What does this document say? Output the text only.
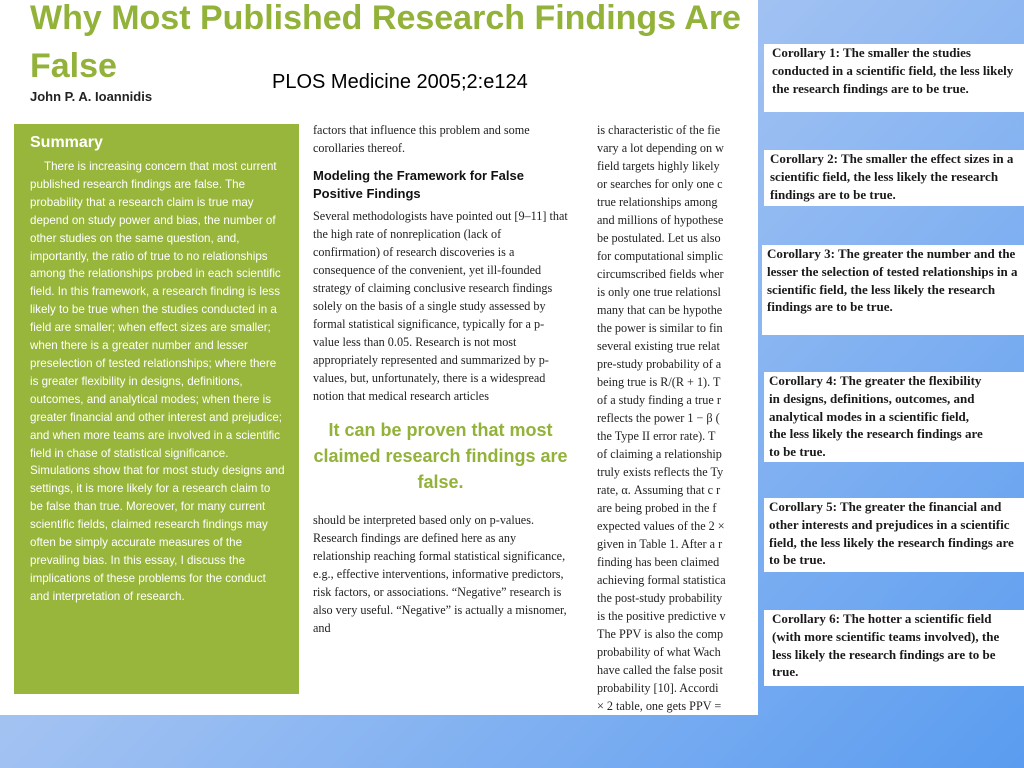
Why Most Published Research Findings Are False
John P. A. Ioannidis
Summary

There is increasing concern that most current published research findings are false. The probability that a research claim is true may depend on study power and bias, the number of other studies on the same question, and, importantly, the ratio of true to no relationships among the relationships probed in each scientific field. In this framework, a research finding is less likely to be true when the studies conducted in a field are smaller; when effect sizes are smaller; when there is a greater number and lesser preselection of tested relationships; where there is greater flexibility in designs, definitions, outcomes, and analytical modes; when there is greater financial and other interest and prejudice; and when more teams are involved in a scientific field in chase of statistical significance. Simulations show that for most study designs and settings, it is more likely for a research claim to be false than true. Moreover, for many current scientific fields, claimed research findings may often be simply accurate measures of the prevailing bias. In this essay, I discuss the implications of these problems for the conduct and interpretation of research.

factors that influence this problem and some corollaries thereof.

Modeling the Framework for False Positive Findings

Several methodologists have pointed out [9–11] that the high rate of nonreplication (lack of confirmation) of research discoveries is a consequence of the convenient, yet ill-founded strategy of claiming conclusive research findings solely on the basis of a single study assessed by formal statistical significance, typically for a p-value less than 0.05. Research is not most appropriately represented and summarized by p-values, but, unfortunately, there is a widespread notion that medical research articles

It can be proven that most claimed research findings are false.

should be interpreted based only on p-values. Research findings are defined here as any relationship reaching formal statistical significance, e.g., effective interventions, informative predictors, risk factors, or associations. “Negative” research is also very useful. “Negative” is actually a misnomer, and

is characteristic of the fie
vary a lot depending on w
field targets highly likely
or searches for only one c
true relationships among
and millions of hypothese
be postulated. Let us also
for computational simplic
circumscribed fields wher
is only one true relationsl
many that can be hypothe
the power is similar to fin
several existing true relat
pre-study probability of a
being true is R/(R + 1). T
of a study finding a true r
reflects the power 1 − β (
the Type II error rate). T
of claiming a relationship
truly exists reflects the Ty
rate, α. Assuming that c r
are being probed in the f
expected values of the 2 ×
given in Table 1. After a r
finding has been claimed
achieving formal statistica
the post-study probability
is the positive predictive v
The PPV is also the comp
probability of what Wach
have called the false posit
probability [10]. Accordi
× 2 table, one gets PPV =
PLOS Medicine 2005;2:e124
Corollary 1: The smaller the studies conducted in a scientific field, the less likely the research findings are to be true.
Corollary 2: The smaller the effect sizes in a scientific field, the less likely the research findings are to be true.
Corollary 3: The greater the number and the lesser the selection of tested relationships in a scientific field, the less likely the research findings are to be true.
Corollary 4: The greater the flexibility in designs, definitions, outcomes, and analytical modes in a scientific field, the less likely the research findings are to be true.
Corollary 5: The greater the financial and other interests and prejudices in a scientific field, the less likely the research findings are to be true.
Corollary 6: The hotter a scientific field (with more scientific teams involved), the less likely the research findings are to be true.
